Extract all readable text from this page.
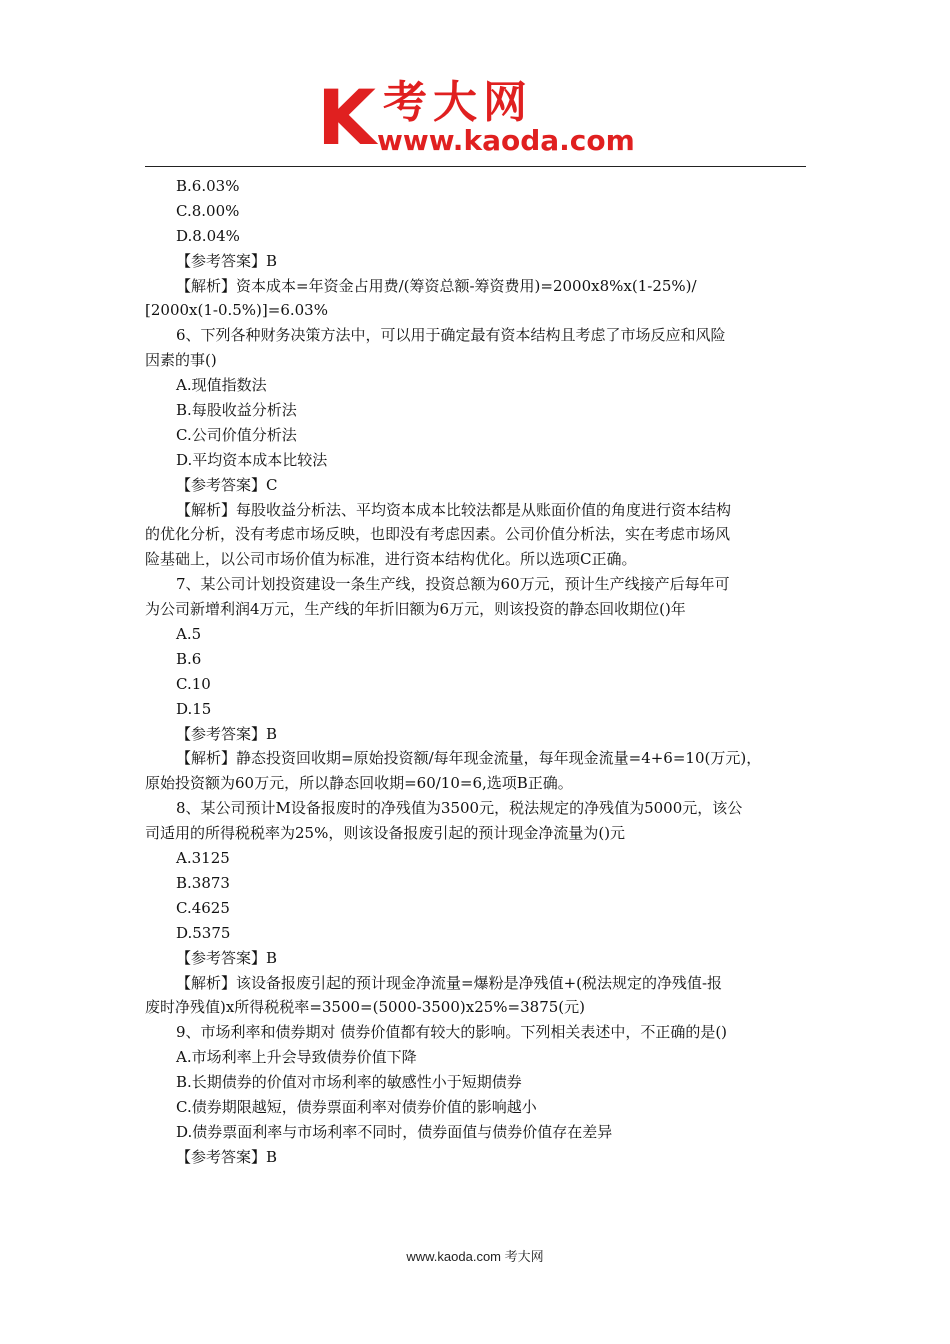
K 考大网
www.kaoda.com
B.6.03%
C.8.00%
D.8.04%
【参考答案】B
【解析】资本成本=年资金占用费/(筹资总额-筹资费用)=2000x8%x(1-25%)/
[2000x(1-0.5%)]=6.03%
6、下列各种财务决策方法中，可以用于确定最有资本结构且考虑了市场反应和风险
因素的事()
A.现值指数法
B.每股收益分析法
C.公司价值分析法
D.平均资本成本比较法
【参考答案】C
【解析】每股收益分析法、平均资本成本比较法都是从账面价值的角度进行资本结构
的优化分析，没有考虑市场反映，也即没有考虑因素。公司价值分析法，实在考虑市场风
险基础上，以公司市场价值为标准，进行资本结构优化。所以选项C正确。
7、某公司计划投资建设一条生产线，投资总额为60万元，预计生产线接产后每年可
为公司新增利润4万元，生产线的年折旧额为6万元，则该投资的静态回收期位()年
A.5
B.6
C.10
D.15
【参考答案】B
【解析】静态投资回收期=原始投资额/每年现金流量，每年现金流量=4+6=10(万元)，
原始投资额为60万元，所以静态回收期=60/10=6,选项B正确。
8、某公司预计M设备报废时的净残值为3500元，税法规定的净残值为5000元，该公
司适用的所得税税率为25%，则该设备报废引起的预计现金净流量为()元
A.3125
B.3873
C.4625
D.5375
【参考答案】B
【解析】该设备报废引起的预计现金净流量=爆粉是净残值+(税法规定的净残值-报
废时净残值)x所得税税率=3500=(5000-3500)x25%=3875(元)
9、市场利率和债券期对 债券价值都有较大的影响。下列相关表述中，不正确的是()
A.市场利率上升会导致债券价值下降
B.长期债券的价值对市场利率的敏感性小于短期债券
C.债券期限越短，债券票面利率对债券价值的影响越小
D.债券票面利率与市场利率不同时，债券面值与债券价值存在差异
【参考答案】B
www.kaoda.com 考大网
